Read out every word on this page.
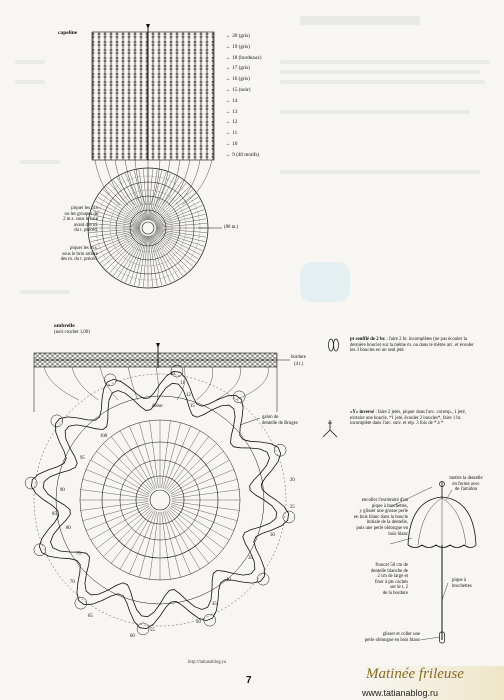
capeline	→ 20 (gris)
→ 19 (gris)
→ 18 (bordeaux)
→ 17 (gris)
→ 16 (gris)
→ 15 (noir)
→ 14
→ 13
→ 12
→ 11
→ 10
→ 9 (40 motifs)
piquer les m.s
ou les groupes de
2 m.s. sous le brin
avant des m.
du t. précéd.
piquer les m.s.
sous le brin arrière
des m. du t. précéd.
(80 m.)
ombrelle
(noir crochet 1,00)
bordure
(4 t.)
début
galon de
dentelle de Bruges
10
11
12
15
100
95
90
85
80
75
70
65
60
55
50
45
40
35
30
25
20
pt soufflé de 2 br. : faire 2 br. incomplètes (ne pas écouler la dernière boucle) sur la même m. ou dans le même arc. et écouler les 3 boucles en un seul jeté.
«Y» inversé : faire 2 jetés, piquer dans l'arc. corresp., 1 jeté, extraire une boucle, *1 jeté, écouler 2 boucles*, faire 1 br. incomplète dans l'arc. suiv. et rép. 3 fois de * à *
mettre la dentelle
en forme avec
de l'amidon
encoller l'extrémité d'un
pique à brochettes,
y glisser une grosse perle
en bois blanc dans la boucle
initiale de la dentelle,
puis une perle oblongue en
bois blanc
froncer 50 cm de
dentelle blanche de
2 cm de large et
fixer à pts cachés
sur le t. 2
de la bordure
pique à
brochettes
glisser et coller une
perle oblongue en bois blanc
http://tatianablog.ru
7	Matinée frileuse
www.tatianablog.ru
